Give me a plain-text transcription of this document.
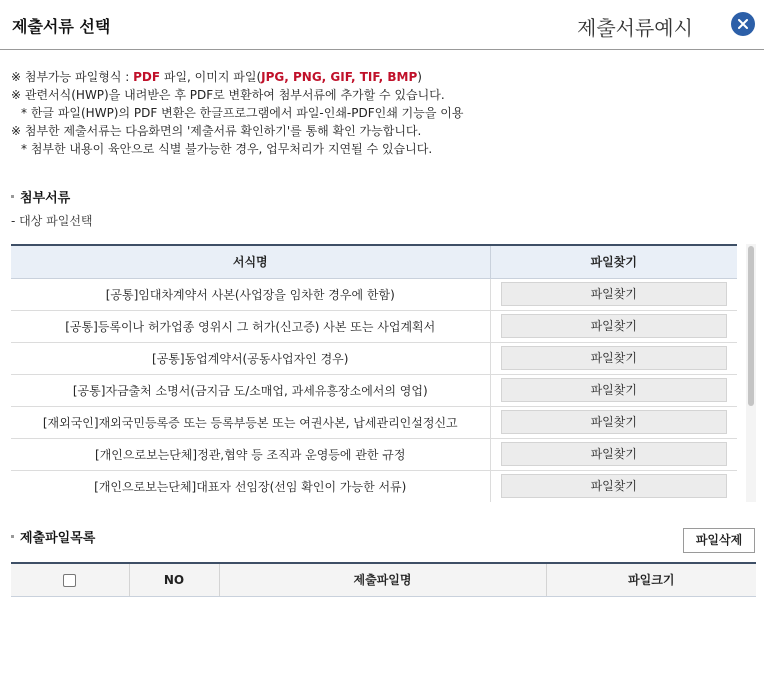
제출서류 선택	제출서류예시
※ 첨부가능 파일형식 : PDF 파일, 이미지 파일(JPG, PNG, GIF, TIF, BMP)
※ 관련서식(HWP)을 내려받은 후 PDF로 변환하여 첨부서류에 추가할 수 있습니다.
* 한글 파일(HWP)의 PDF 변환은 한글프로그램에서 파일-인쇄-PDF인쇄 기능을 이용
※ 첨부한 제출서류는 다음화면의 '제출서류 확인하기'를 통해 확인 가능합니다.
* 첨부한 내용이 육안으로 식별 불가능한 경우, 업무처리가 지연될 수 있습니다.
첨부서류
- 대상 파일선택
서식명	파일찾기
[공통]임대차계약서 사본(사업장을 임차한 경우에 한함)	파일찾기
[공통]등록이나 허가업종 영위시 그 허가(신고증) 사본 또는 사업계획서	파일찾기
[공통]동업계약서(공동사업자인 경우)	파일찾기
[공통]자금출처 소명서(금지금 도/소매업, 과세유흥장소에서의 영업)	파일찾기
[재외국인]재외국민등록증 또는 등록부등본 또는 여권사본, 납세관리인설정신고	파일찾기
[개인으로보는단체]정관,협약 등 조직과 운영등에 관한 규정	파일찾기
[개인으로보는단체]대표자 선임장(선임 확인이 가능한 서류)	파일찾기
제출파일목록	파일삭제
	NO	제출파일명	파일크기
